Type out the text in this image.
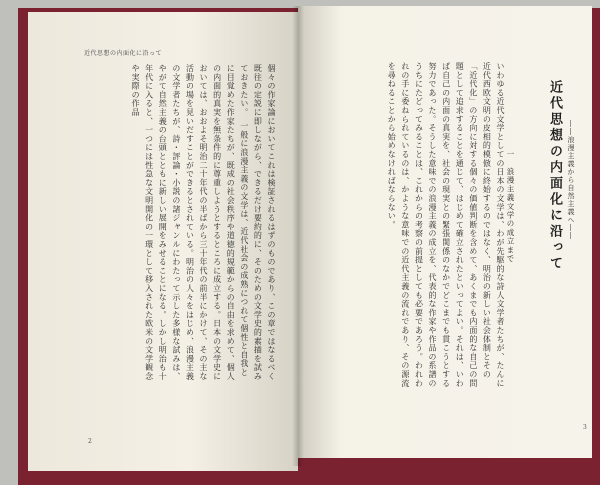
近代思想の内面化に沿って
個々の作家論においてこれは検証されるはずのものであり、この章ではなるべく既往の定説に即しながら、できるだけ要約的に、そのための文学史的素描を試みておきたい。　一般に浪漫主義の文学は、近代社会の成熟につれて個性と自我とに目覚めた作家たちが、既成の社会秩序や道徳的規範からの自由を求めて、個人の内面的真実を無条件的に尊重しようとするところに成立する。日本の文学史においては、おおよそ明治二十年代の半ばから三十年代の前半にかけて、その主な活動の場を見いだすことができるとされている。明治の人々をはじめ、浪漫主義の文学者たちが、詩・評論・小説の諸ジャンルにわたって示した多様な試みは、やがて自然主義の台頭とともに新しい展開をみせることになる。しかし明治も十年代に入ると、一つには性急な文明開化の一環として移入された欧米の文学観念や実際の作品
2
近代思想の内面化に沿って ――浪漫主義から自然主義へ――
一　浪漫主義文学の成立まで
いわゆる近代文学としての日本の文学は、わが先駆的な詩人文学者たちが、たんに近代西欧文明の皮相的模倣に終始するのではなく、明治の新しい社会体制とその「近代化」の方向に対する個々の価値判断を含めて、あくまでも内面的な自己の問題として追求することを通じて、はじめて確立されたといってよい。それは、いわば自己の内面の真実を、社会の現実との緊張関係のなかでどこまでも貫こうとする努力であった。そうした意味での浪漫主義の成立を、代表的な作家や作品の系譜のうちにたどってみることは、これからの考察の前提としても必要であろう。われわれの手に委ねられているのは、かような意味での近代主義の流れであり、その源流を尋ねることから始めなければならない。
3
